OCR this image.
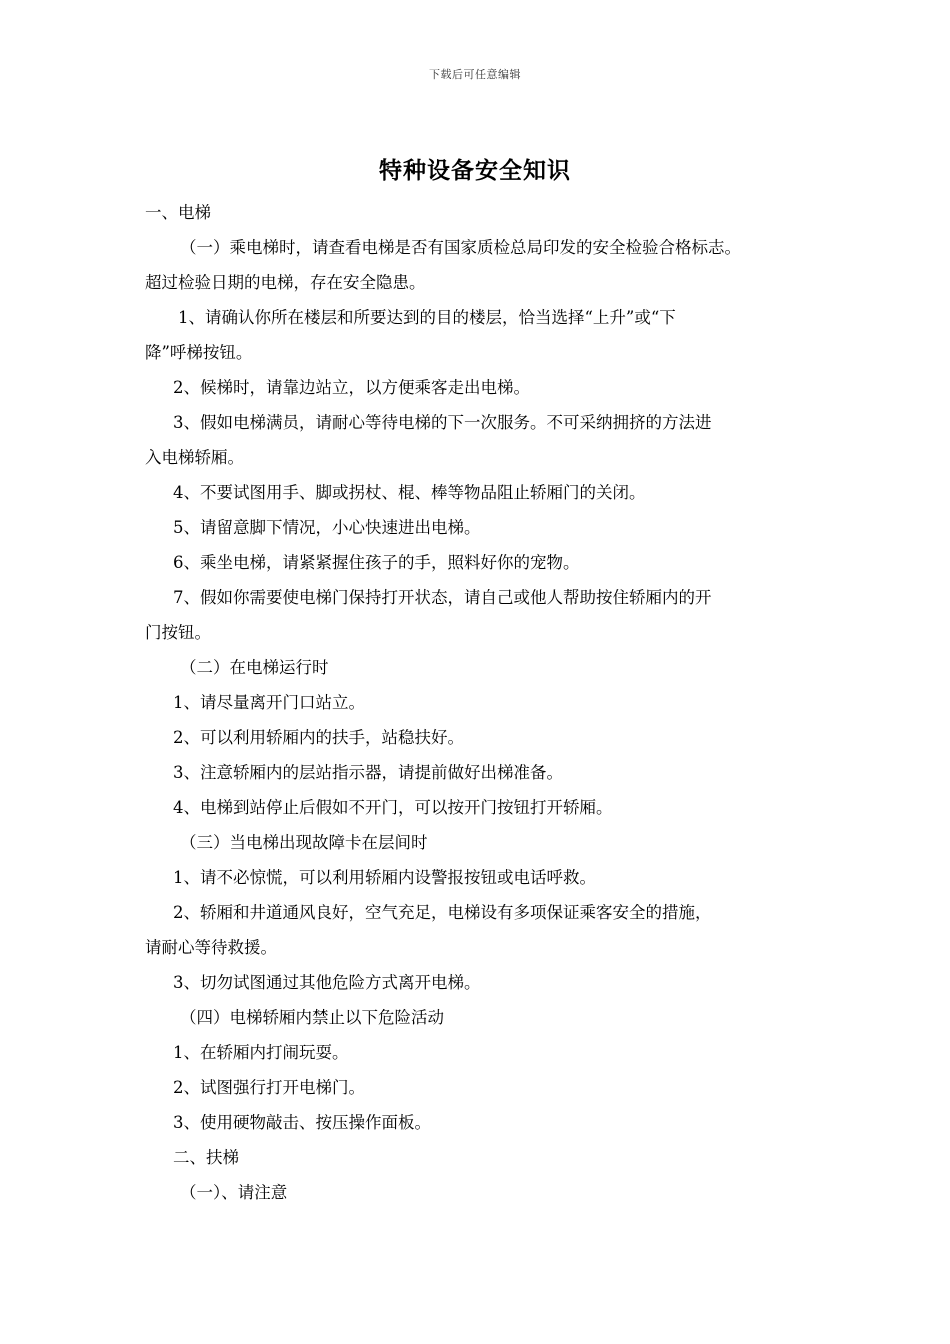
下载后可任意编辑
特种设备安全知识
一、电梯
（一）乘电梯时，请查看电梯是否有国家质检总局印发的安全检验合格标志。
超过检验日期的电梯，存在安全隐患。
1、请确认你所在楼层和所要达到的目的楼层，恰当选择“上升”或“下
降”呼梯按钮。
2、候梯时，请靠边站立，以方便乘客走出电梯。
3、假如电梯满员，请耐心等待电梯的下一次服务。不可采纳拥挤的方法进
入电梯轿厢。
4、不要试图用手、脚或拐杖、棍、棒等物品阻止轿厢门的关闭。
5、请留意脚下情况，小心快速进出电梯。
6、乘坐电梯，请紧紧握住孩子的手，照料好你的宠物。
7、假如你需要使电梯门保持打开状态，请自己或他人帮助按住轿厢内的开
门按钮。
（二）在电梯运行时
1、请尽量离开门口站立。
2、可以利用轿厢内的扶手，站稳扶好。
3、注意轿厢内的层站指示器，请提前做好出梯准备。
4、电梯到站停止后假如不开门，可以按开门按钮打开轿厢。
（三）当电梯出现故障卡在层间时
1、请不必惊慌，可以利用轿厢内设警报按钮或电话呼救。
2、轿厢和井道通风良好，空气充足，电梯设有多项保证乘客安全的措施，
请耐心等待救援。
3、切勿试图通过其他危险方式离开电梯。
（四）电梯轿厢内禁止以下危险活动
1、在轿厢内打闹玩耍。
2、试图强行打开电梯门。
3、使用硬物敲击、按压操作面板。
二、扶梯
（一）、请注意
